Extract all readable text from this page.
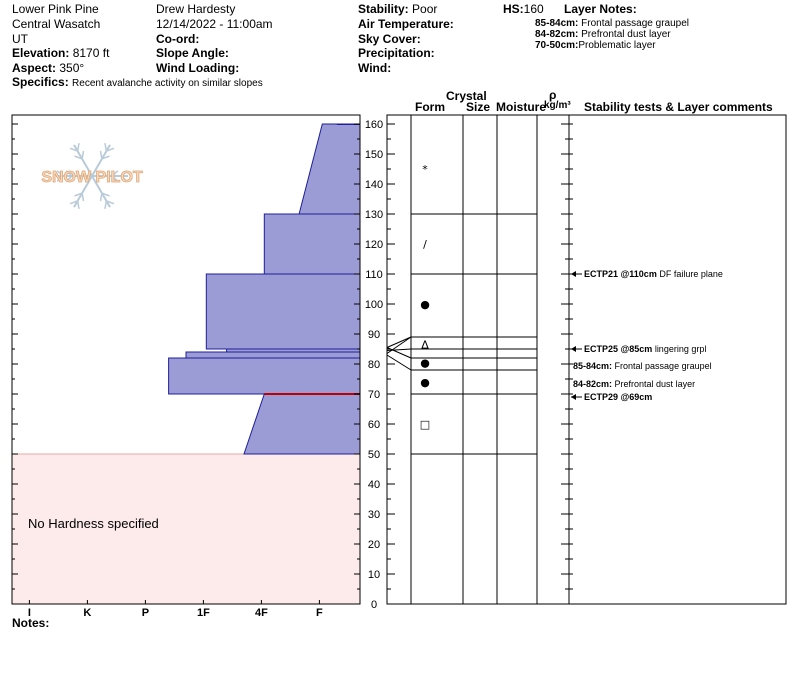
Lower Pink Pine
Central Wasatch
UT
Elevation: 8170 ft
Aspect: 350°
Specifics: Recent avalanche activity on similar slopes
Drew Hardesty
12/14/2022 - 11:00am
Co-ord:
Slope Angle:
Wind Loading:
Stability: Poor
Air Temperature:
Sky Cover:
Precipitation:
Wind:
HS:160 Layer Notes:
85-84cm: Frontal passage graupel
84-82cm: Prefrontal dust layer
70-50cm:Problematic layer
Crystal
Form Size Moisture
ρ
kg/m³ Stability tests & Layer comments
SNOW PILOT
I	K	P	1F	4F	F
160
150
140
130
120
110
100
90
80
70
60
50
40
30
20
10
0
*
/
●
Δ
●
●
□
ECTP21 @110cm DF failure plane
ECTP25 @85cm lingering grpl
ECTP29 @69cm
85-84cm: Frontal passage graupel
84-82cm: Prefrontal dust layer
No Hardness specified
Notes:
